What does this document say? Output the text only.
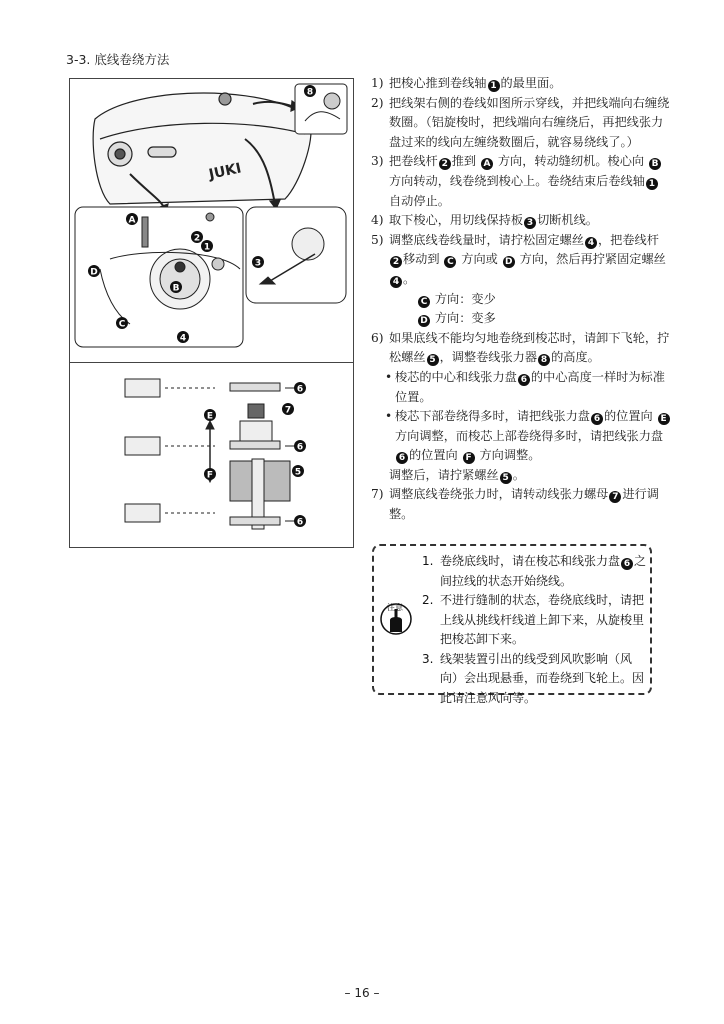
3-3. 底线卷绕方法
JUKI
A
2
1
D
B
C
4
3
8
6
7
E
6
F	5
6
1) 把梭心推到卷线轴 1 的最里面。
2) 把线架右侧的卷线如图所示穿线，并把线端向右缠绕数圈。（铝旋梭时，把线端向右缠绕后，再把线张力盘过来的线向左缠绕数圈后，就容易绕线了。）
3) 把卷线杆 2 推到 A 方向，转动缝纫机。梭心向 B 方向转动，线卷绕到梭心上。卷绕结束后卷线轴 1自动停止。
4) 取下梭心，用切线保持板 3 切断机线。
5) 调整底线卷线量时，请拧松固定螺丝 4 ，把卷线杆2 移动到 C 方向或 D 方向，然后再拧紧固定螺丝4 。
C 方向：变少
D 方向：变多
6) 如果底线不能均匀地卷绕到梭芯时，请卸下飞轮，拧松螺丝 5 ，调整卷线张力器 8 的高度。
• 梭芯的中心和线张力盘 6 的中心高度一样时为标准位置。
• 梭芯下部卷绕得多时，请把线张力盘 6 的位置向 E 方向调整，而梭芯上部卷绕得多时，请把线张力盘6 的位置向 F 方向调整。
调整后，请拧紧螺丝 5 。
7) 调整底线卷绕张力时，请转动线张力螺母 7 进行调整。
注意
1. 卷绕底线时，请在梭芯和线张力盘 6 之间拉线的状态开始绕线。
2. 不进行缝制的状态，卷绕底线时，请把上线从挑线杆线道上卸下来，从旋梭里把梭芯卸下来。
3. 线架装置引出的线受到风吹影响（风向）会出现悬垂，而卷绕到飞轮上。因此请注意风向等。
– 16 –
